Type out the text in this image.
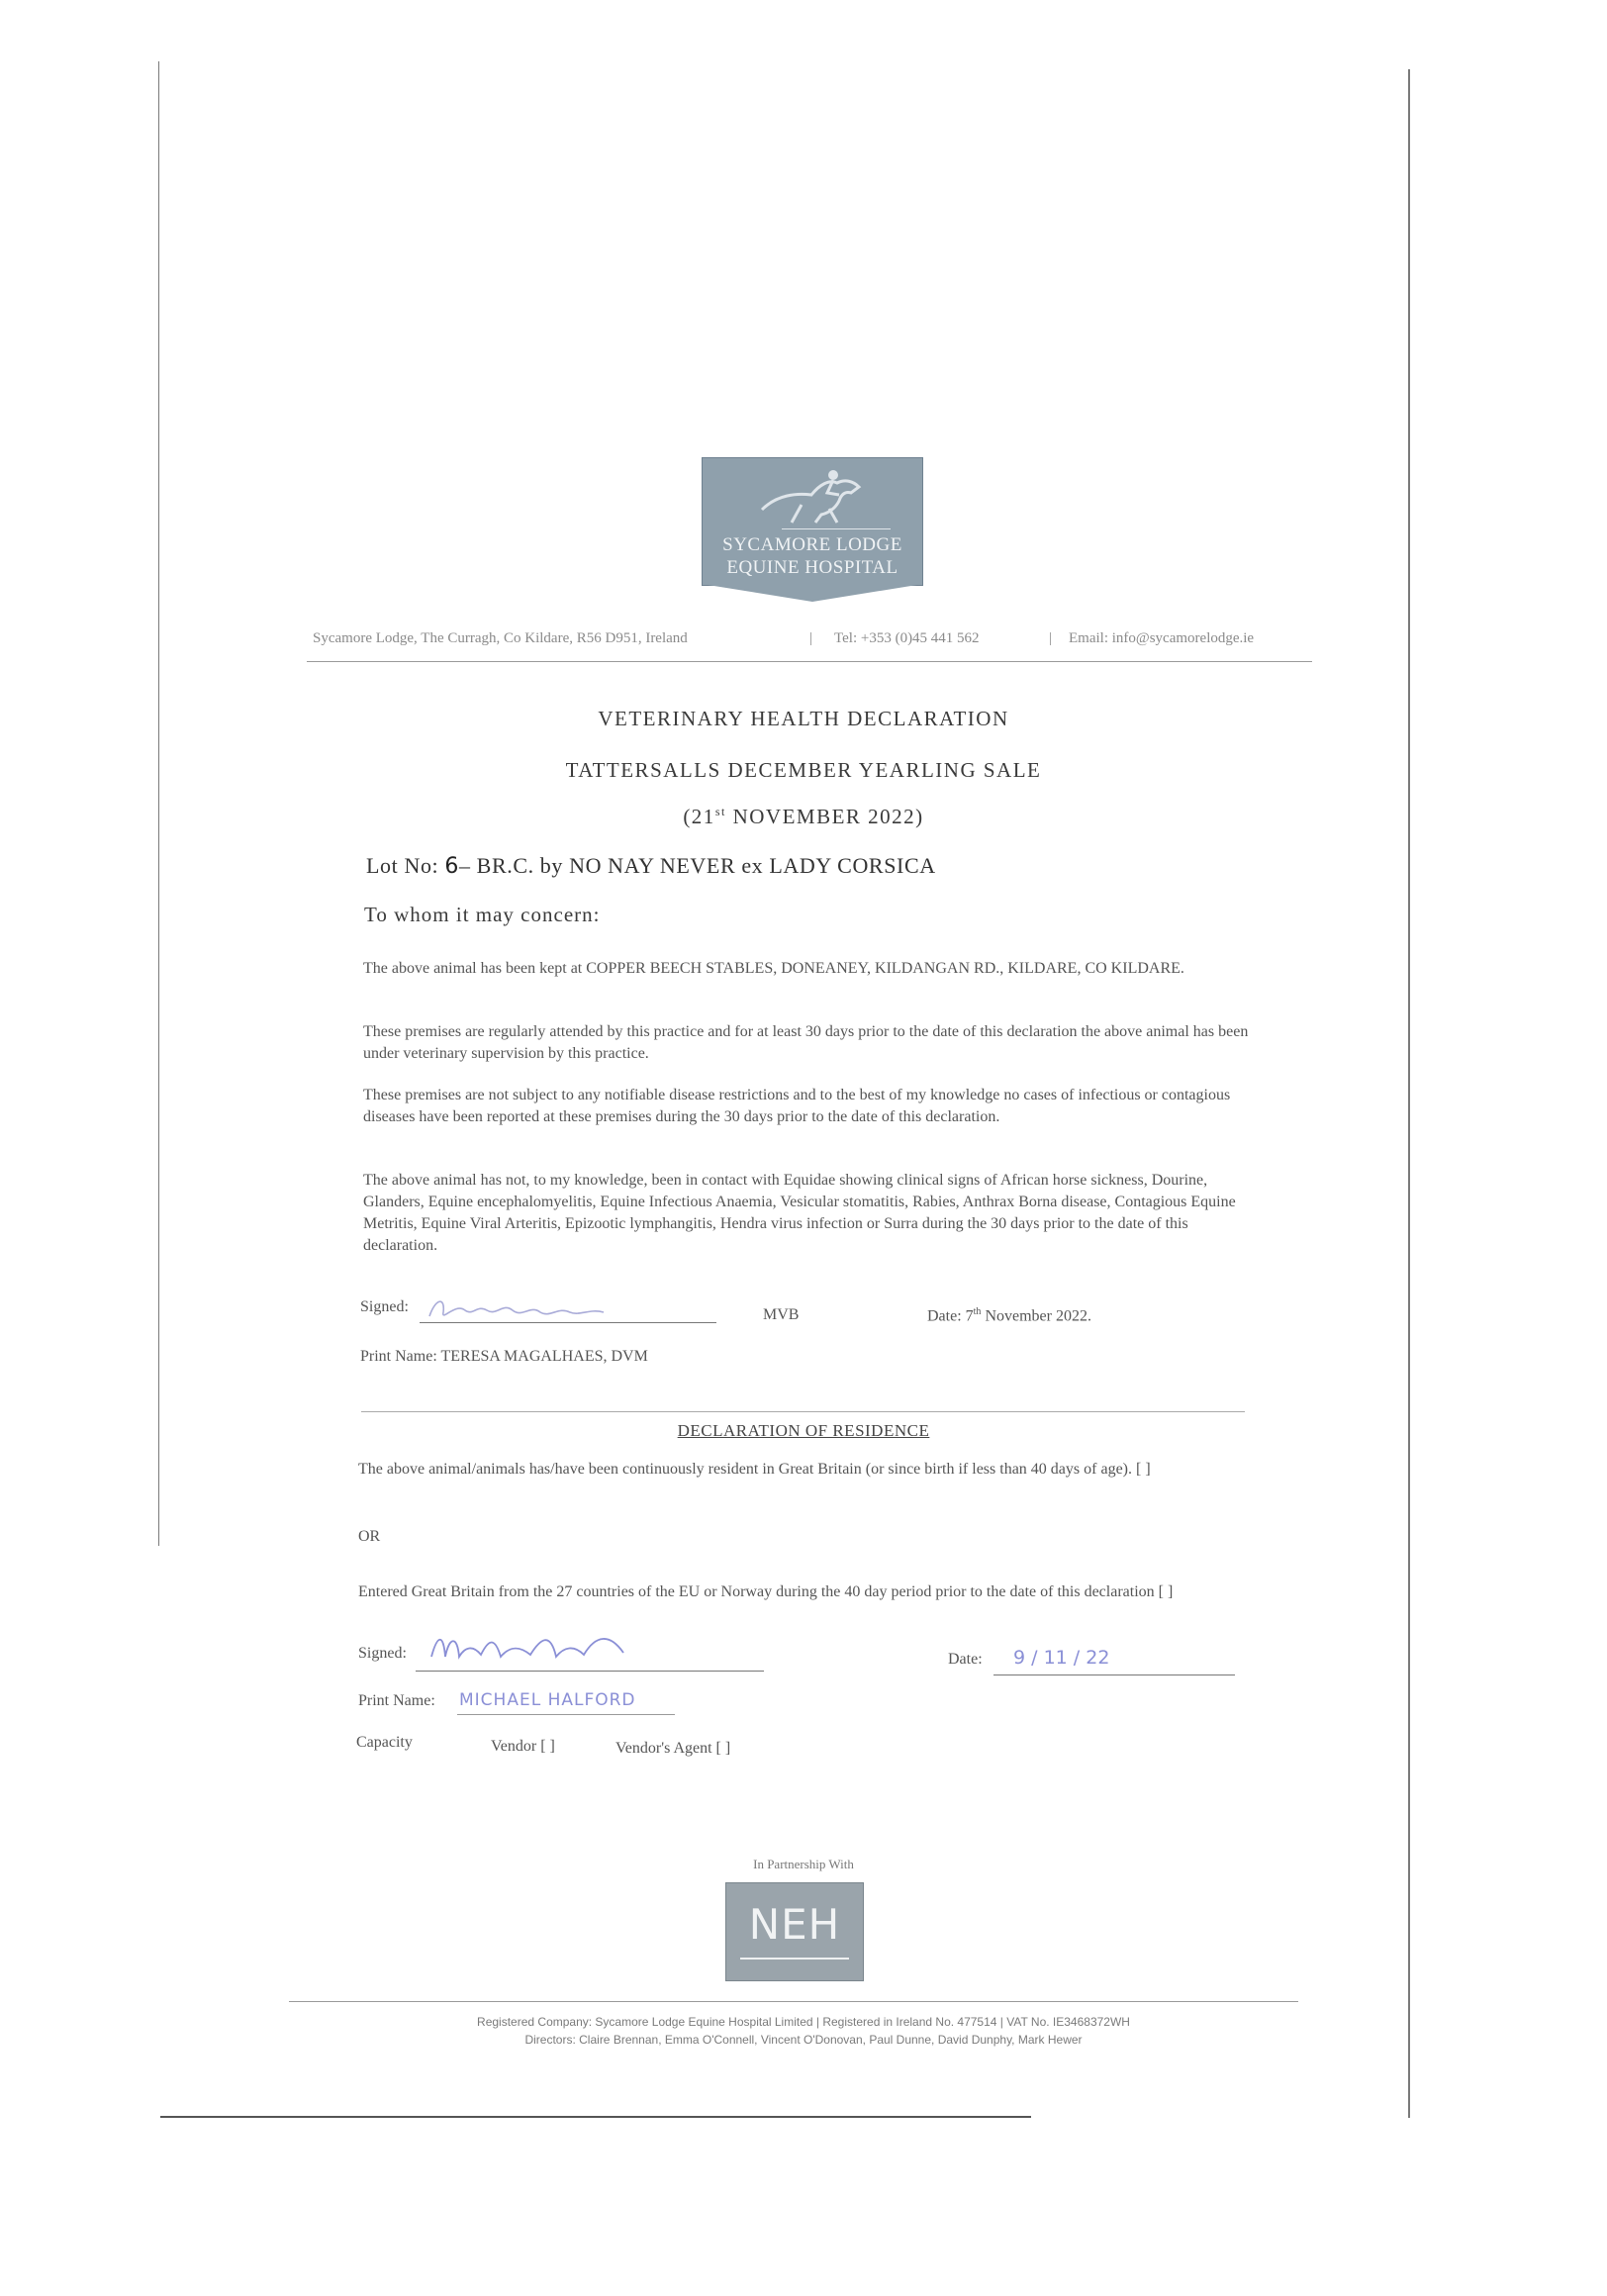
SYCAMORE LODGE
EQUINE HOSPITAL
Sycamore Lodge, The Curragh, Co Kildare, R56 D951, Ireland	| Tel: +353 (0)45 441 562	| Email: info@sycamorelodge.ie
VETERINARY HEALTH DECLARATION
TATTERSALLS DECEMBER YEARLING SALE
(21st NOVEMBER 2022)
Lot No: 6– BR.C. by NO NAY NEVER ex LADY CORSICA
To whom it may concern:
The above animal has been kept at COPPER BEECH STABLES, DONEANEY, KILDANGAN RD., KILDARE, CO KILDARE.
These premises are regularly attended by this practice and for at least 30 days prior to the date of this declaration the above animal has been under veterinary supervision by this practice.
These premises are not subject to any notifiable disease restrictions and to the best of my knowledge no cases of infectious or contagious diseases have been reported at these premises during the 30 days prior to the date of this declaration.
The above animal has not, to my knowledge, been in contact with Equidae showing clinical signs of African horse sickness, Dourine, Glanders, Equine encephalomyelitis, Equine Infectious Anaemia, Vesicular stomatitis, Rabies, Anthrax Borna disease, Contagious Equine Metritis, Equine Viral Arteritis, Epizootic lymphangitis, Hendra virus infection or Surra during the 30 days prior to the date of this declaration.
Signed:	MVB	Date: 7th November 2022.
Print Name: TERESA MAGALHAES, DVM
DECLARATION OF RESIDENCE
The above animal/animals has/have been continuously resident in Great Britain (or since birth if less than 40 days of age). [ ]
OR
Entered Great Britain from the 27 countries of the EU or Norway during the 40 day period prior to the date of this declaration [ ]
Signed:	Date: 9 / 11 / 22
Print Name: MICHAEL HALFORD
Capacity	Vendor [ ]	Vendor's Agent [ ]
In Partnership With
NEH
Registered Company: Sycamore Lodge Equine Hospital Limited | Registered in Ireland No. 477514 | VAT No. IE3468372WH
Directors: Claire Brennan, Emma O'Connell, Vincent O'Donovan, Paul Dunne, David Dunphy, Mark Hewer
